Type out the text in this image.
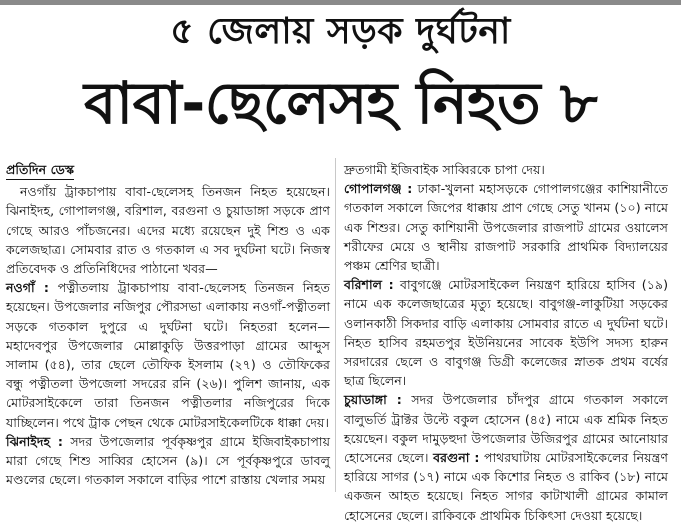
৫ জেলায় সড়ক দুর্ঘটনা
বাবা-ছেলেসহ নিহত ৮
প্রতিদিন ডেস্ক

নওগাঁয় ট্রাকচাপায় বাবা-ছেলেসহ তিনজন নিহত হয়েছেন। ঝিনাইদহ, গোপালগঞ্জ, বরিশাল, বরগুনা ও চুয়াডাঙ্গা সড়কে প্রাণ গেছে আরও পাঁচজনের। এদের মধ্যে রয়েছেন দুই শিশু ও এক কলেজছাত্র। সোমবার রাত ও গতকাল এ সব দুর্ঘটনা ঘটে। নিজস্ব প্রতিবেদক ও প্রতিনিধিদের পাঠানো খবর—

নওগাঁ : পত্নীতলায় ট্রাকচাপায় বাবা-ছেলেসহ তিনজন নিহত হয়েছেন। উপজেলার নজিপুর পৌরসভা এলাকায় নওগাঁ-পত্নীতলা সড়কে গতকাল দুপুরে এ দুর্ঘটনা ঘটে। নিহতরা হলেন— মহাদেবপুর উপজেলার মোল্লাকুড়ি উত্তরপাড়া গ্রামের আব্দুস সালাম (৫৪), তার ছেলে তৌফিক ইসলাম (২৭) ও তৌফিকের বন্ধু পত্নীতলা উপজেলা সদরের রনি (২৬)। পুলিশ জানায়, এক মোটরসাইকেলে তারা তিনজন পত্নীতলার নজিপুরের দিকে যাচ্ছিলেন। পথে ট্রাক পেছন থেকে মোটরসাইকেলটিকে ধাক্কা দেয়।

ঝিনাইদহ : সদর উপজেলার পূর্বকৃষ্ণপুর গ্রামে ইজিবাইকচাপায় মারা গেছে শিশু সাব্বির হোসেন (৯)। সে পূর্বকৃষ্ণপুরে ডাবলু মণ্ডলের ছেলে। গতকাল সকালে বাড়ির পাশে রাস্তায় খেলার সময়

দ্রুতগামী ইজিবাইক সাব্বিরকে চাপা দেয়।

গোপালগঞ্জ : ঢাকা-খুলনা মহাসড়কে গোপালগঞ্জের কাশিয়ানীতে গতকাল সকালে জিপের ধাক্কায় প্রাণ গেছে সেতু খানম (১০) নামে এক শিশুর। সেতু কাশিয়ানী উপজেলার রাজপাট গ্রামের ওয়ালেস শরীফের মেয়ে ও স্থানীয় রাজপাট সরকারি প্রাথমিক বিদ্যালয়ের পঞ্চম শ্রেণির ছাত্রী।

বরিশাল : বাবুগঞ্জে মোটরসাইকেল নিয়ন্ত্রণ হারিয়ে হাসিব (১৯) নামে এক কলেজছাত্রের মৃত্যু হয়েছে। বাবুগঞ্জ-লাকুটিয়া সড়কের ওলানকাঠী সিকদার বাড়ি এলাকায় সোমবার রাতে এ দুর্ঘটনা ঘটে। নিহত হাসিব রহমতপুর ইউনিয়নের সাবেক ইউপি সদস্য হারুন সরদারের ছেলে ও বাবুগঞ্জ ডিগ্রী কলেজের স্নাতক প্রথম বর্ষের ছাত্র ছিলেন।

চুয়াডাঙ্গা : সদর উপজেলার চাঁদপুর গ্রামে গতকাল সকালে বালুভর্তি ট্রাক্টর উল্টে বকুল হোসেন (৪৫) নামে এক শ্রমিক নিহত হয়েছেন। বকুল দামুড়হুদা উপজেলার উজিরপুর গ্রামের আনোয়ার হোসেনের ছেলে। বরগুনা : পাথরঘাটায় মোটরসাইকেলের নিয়ন্ত্রণ হারিয়ে সাগর (১৭) নামে এক কিশোর নিহত ও রাকিব (১৮) নামে একজন আহত হয়েছে। নিহত সাগর কাটাখালী গ্রামের কামাল হোসেনের ছেলে। রাকিবকে প্রাথমিক চিকিৎসা দেওয়া হয়েছে।
